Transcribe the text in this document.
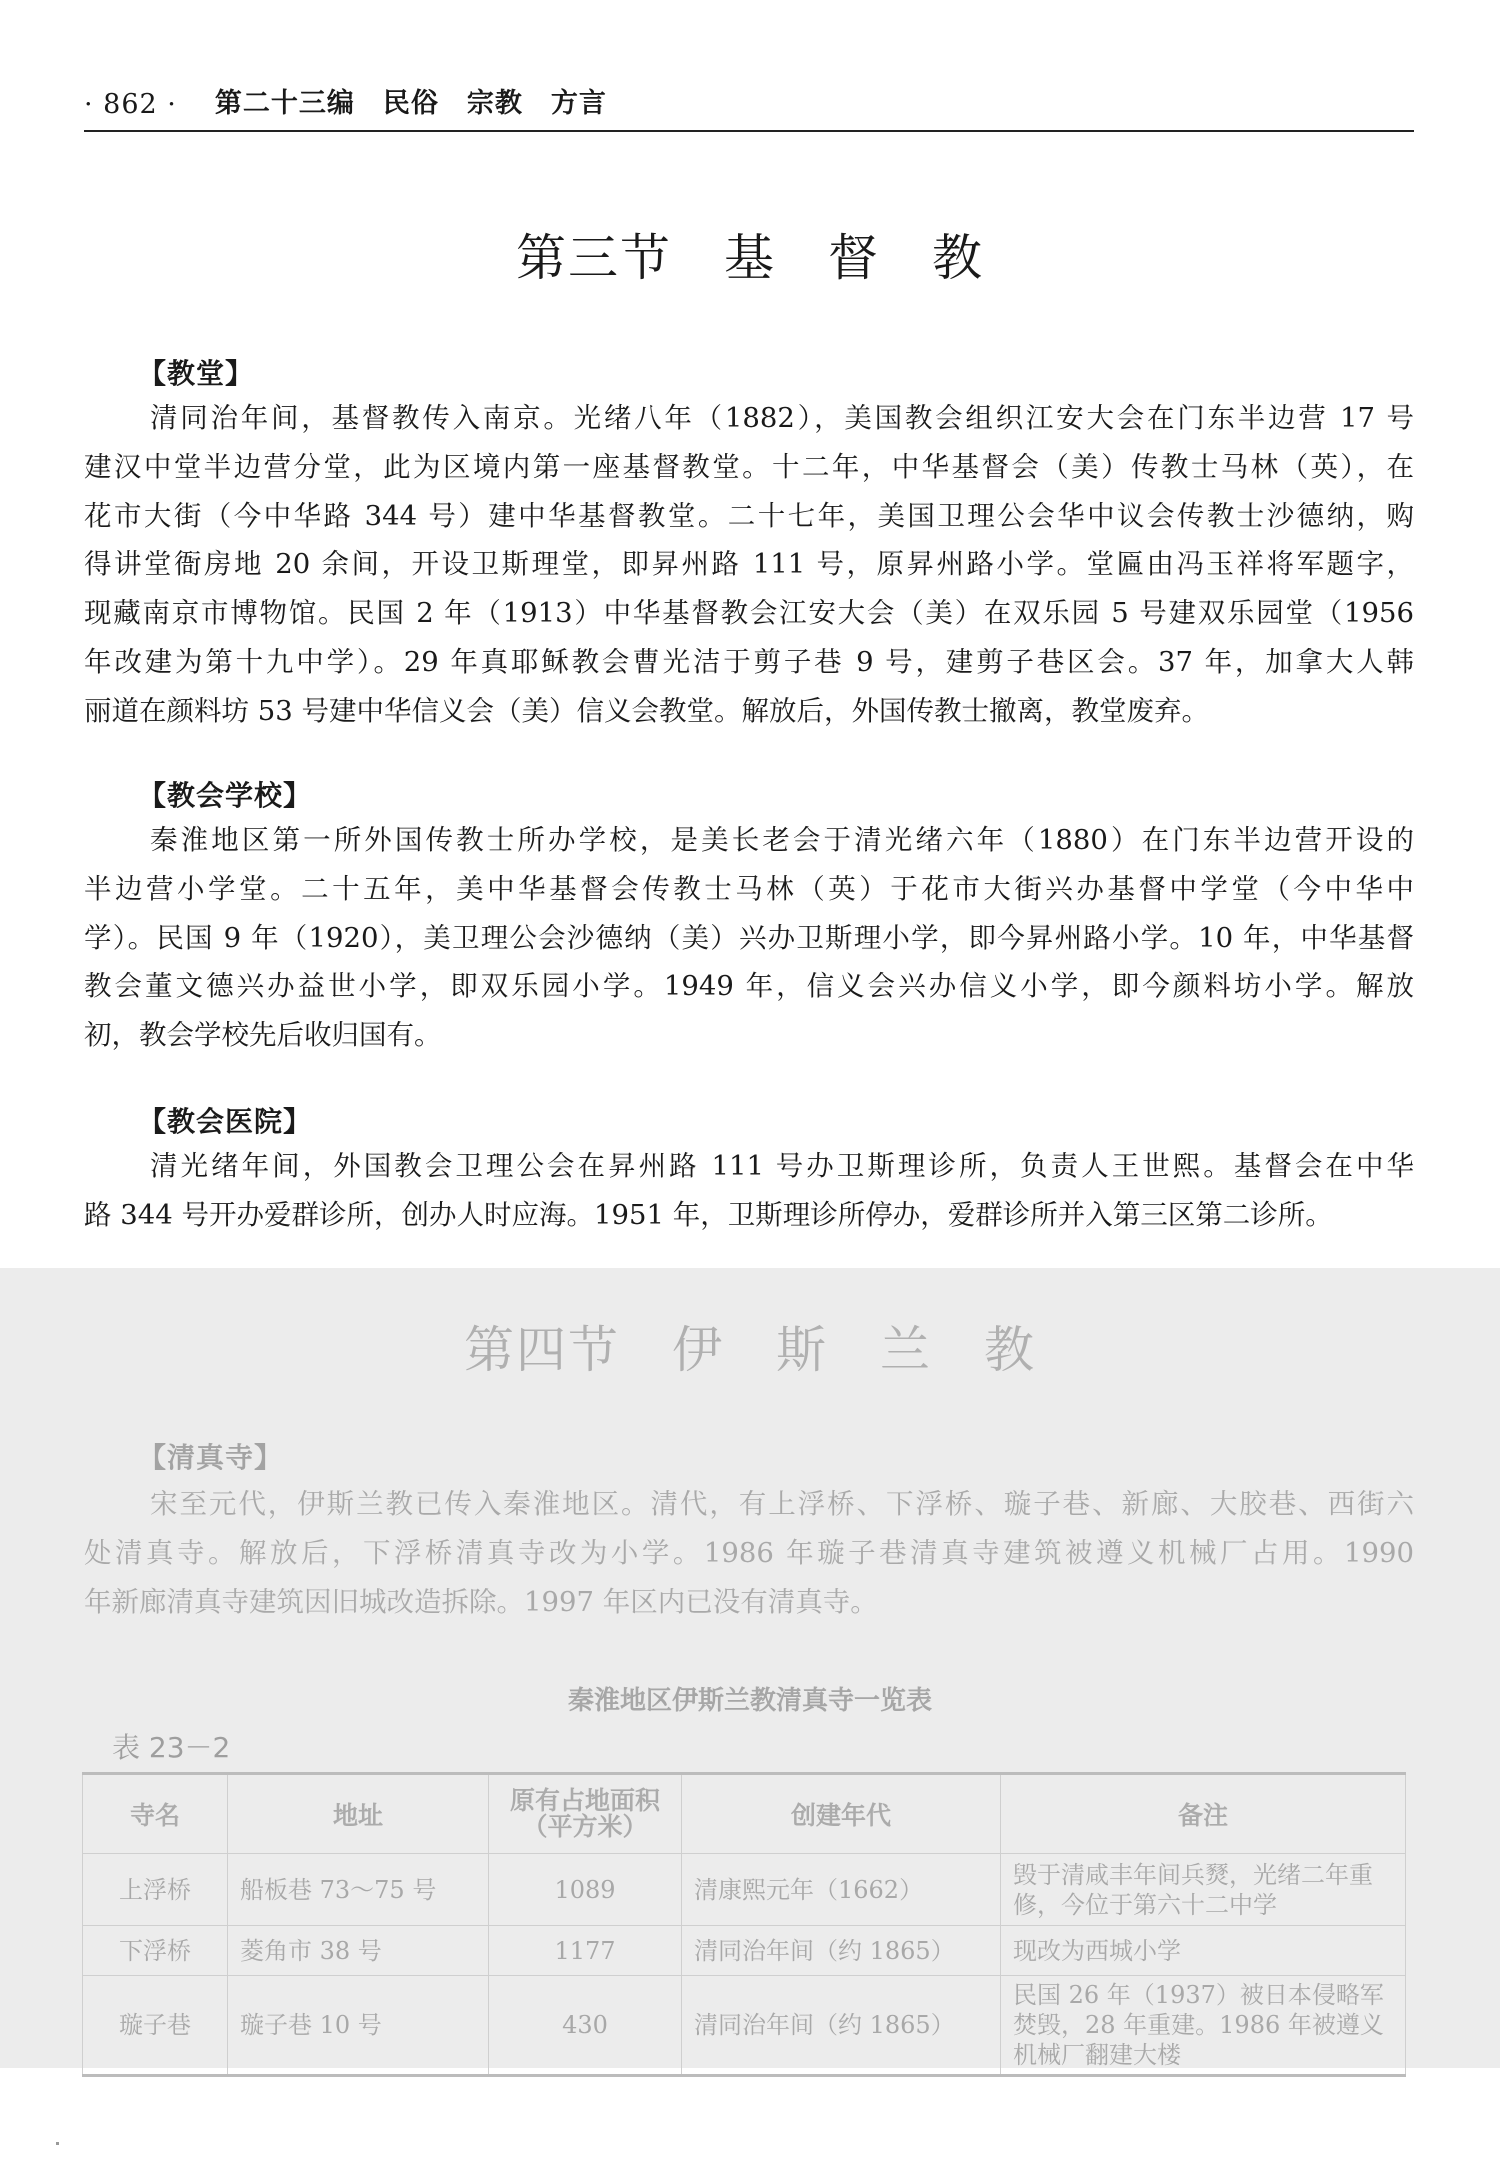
· 862 · 第二十三编　民俗　宗教　方言
第三节　基　督　教
【教堂】
清同治年间，基督教传入南京。光绪八年（1882），美国教会组织江安大会在门东半边营 17 号
建汉中堂半边营分堂，此为区境内第一座基督教堂。十二年，中华基督会（美）传教士马林（英），在
花市大街（今中华路 344 号）建中华基督教堂。二十七年，美国卫理公会华中议会传教士沙德纳，购
得讲堂衙房地 20 余间，开设卫斯理堂，即昇州路 111 号，原昇州路小学。堂匾由冯玉祥将军题字，
现藏南京市博物馆。民国 2 年（1913）中华基督教会江安大会（美）在双乐园 5 号建双乐园堂（1956
年改建为第十九中学）。29 年真耶稣教会曹光洁于剪子巷 9 号，建剪子巷区会。37 年，加拿大人韩
丽道在颜料坊 53 号建中华信义会（美）信义会教堂。解放后，外国传教士撤离，教堂废弃。
【教会学校】
秦淮地区第一所外国传教士所办学校，是美长老会于清光绪六年（1880）在门东半边营开设的
半边营小学堂。二十五年，美中华基督会传教士马林（英）于花市大街兴办基督中学堂（今中华中
学）。民国 9 年（1920），美卫理公会沙德纳（美）兴办卫斯理小学，即今昇州路小学。10 年，中华基督
教会董文德兴办益世小学，即双乐园小学。1949 年，信义会兴办信义小学，即今颜料坊小学。解放
初，教会学校先后收归国有。
【教会医院】
清光绪年间，外国教会卫理公会在昇州路 111 号办卫斯理诊所，负责人王世熙。基督会在中华
路 344 号开办爱群诊所，创办人时应海。1951 年，卫斯理诊所停办，爱群诊所并入第三区第二诊所。
第四节　伊　斯　兰　教
【清真寺】
宋至元代，伊斯兰教已传入秦淮地区。清代，有上浮桥、下浮桥、璇子巷、新廊、大胶巷、西街六
处清真寺。解放后，下浮桥清真寺改为小学。1986 年璇子巷清真寺建筑被遵义机械厂占用。1990
年新廊清真寺建筑因旧城改造拆除。1997 年区内已没有清真寺。
秦淮地区伊斯兰教清真寺一览表
表 23－2
寺名	地址	原有占地面积（平方米）	创建年代	备注
上浮桥	船板巷 73～75 号	1089	清康熙元年（1662）	毁于清咸丰年间兵燹，光绪二年重修，今位于第六十二中学
下浮桥	菱角市 38 号	1177	清同治年间（约 1865）	现改为西城小学
璇子巷	璇子巷 10 号	430	清同治年间（约 1865）	民国 26 年（1937）被日本侵略军焚毁，28 年重建。1986 年被遵义机械厂翻建大楼
